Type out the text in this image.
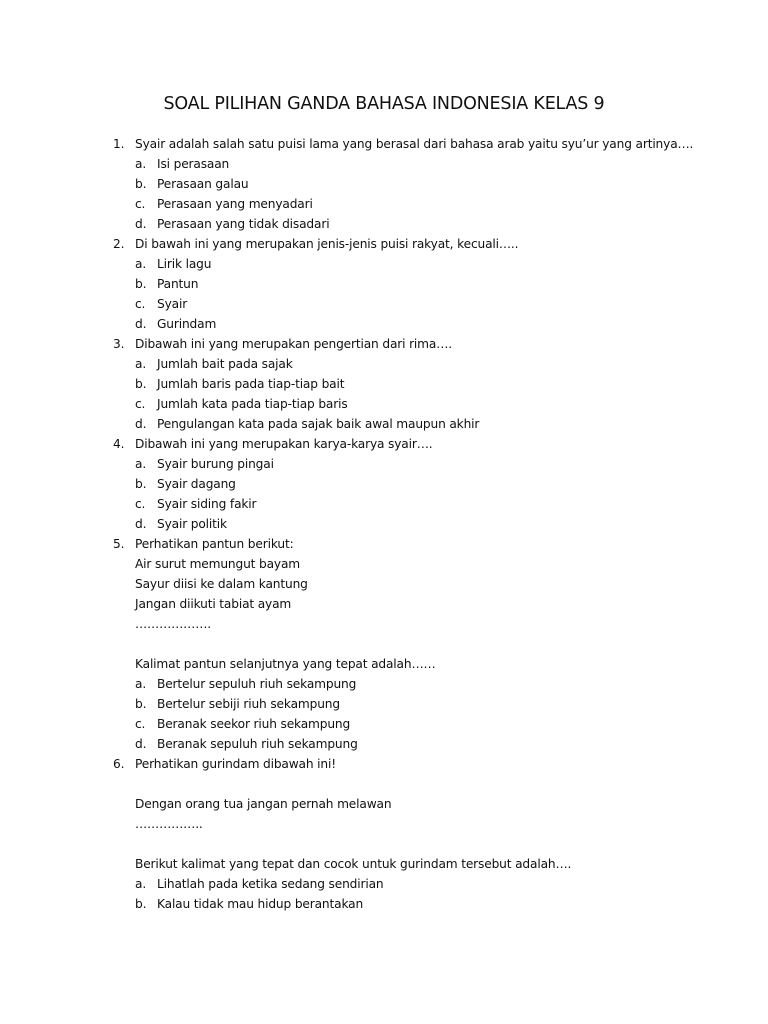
SOAL PILIHAN GANDA BAHASA INDONESIA KELAS 9
1. Syair adalah salah satu puisi lama yang berasal dari bahasa arab yaitu syu’ur yang artinya….
a. Isi perasaan
b. Perasaan galau
c. Perasaan yang menyadari
d. Perasaan yang tidak disadari
2. Di bawah ini yang merupakan jenis-jenis puisi rakyat, kecuali…..
a. Lirik lagu
b. Pantun
c. Syair
d. Gurindam
3. Dibawah ini yang merupakan pengertian dari rima….
a. Jumlah bait pada sajak
b. Jumlah baris pada tiap-tiap bait
c. Jumlah kata pada tiap-tiap baris
d. Pengulangan kata pada sajak baik awal maupun akhir
4. Dibawah ini yang merupakan karya-karya syair….
a. Syair burung pingai
b. Syair dagang
c. Syair siding fakir
d. Syair politik
5. Perhatikan pantun berikut:
Air surut memungut bayam
Sayur diisi ke dalam kantung
Jangan diikuti tabiat ayam
……………….
Kalimat pantun selanjutnya yang tepat adalah……
a. Bertelur sepuluh riuh sekampung
b. Bertelur sebiji riuh sekampung
c. Beranak seekor riuh sekampung
d. Beranak sepuluh riuh sekampung
6. Perhatikan gurindam dibawah ini!
Dengan orang tua jangan pernah melawan
……………..
Berikut kalimat yang tepat dan cocok untuk gurindam tersebut adalah….
a. Lihatlah pada ketika sedang sendirian
b. Kalau tidak mau hidup berantakan
